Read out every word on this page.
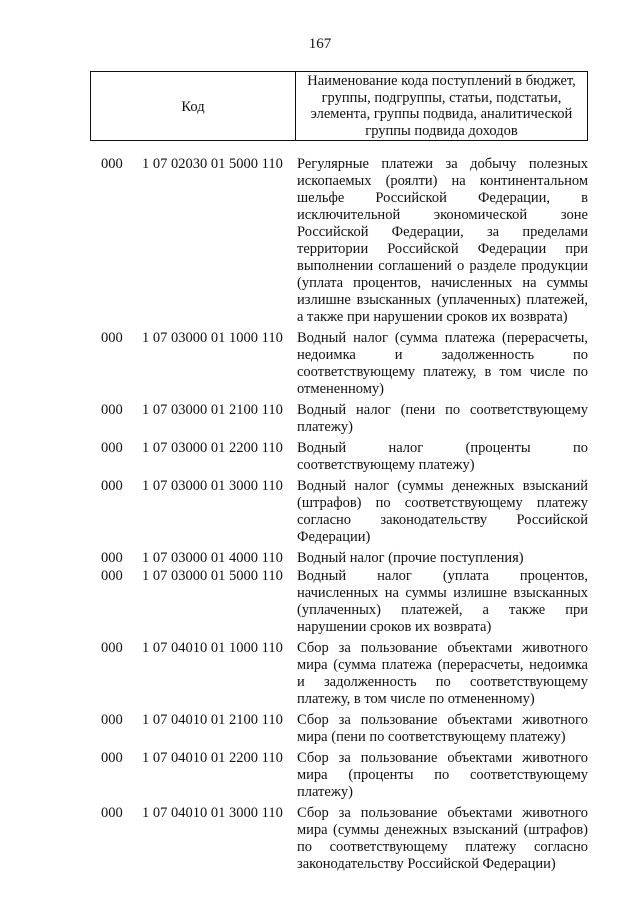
167
Код
Наименование кода поступлений в бюджет,
группы, подгруппы, статьи, подстатьи,
элемента, группы подвида, аналитической
группы подвида доходов
000 1 07 02030 01 5000 110 Регулярные платежи за добычу полезных ископаемых (роялти) на континентальном шельфе Российской Федерации, в исключительной экономической зоне Российской Федерации, за пределами территории Российской Федерации при выполнении соглашений о разделе продукции (уплата процентов, начисленных на суммы излишне взысканных (уплаченных) платежей, а также при нарушении сроков их возврата)
000 1 07 03000 01 1000 110 Водный налог (сумма платежа (перерасчеты, недоимка и задолженность по соответствующему платежу, в том числе по отмененному)
000 1 07 03000 01 2100 110 Водный налог (пени по соответствующему платежу)
000 1 07 03000 01 2200 110 Водный налог (проценты по соответствующему платежу)
000 1 07 03000 01 3000 110 Водный налог (суммы денежных взысканий (штрафов) по соответствующему платежу согласно законодательству Российской Федерации)
000 1 07 03000 01 4000 110 Водный налог (прочие поступления)
000 1 07 03000 01 5000 110 Водный налог (уплата процентов, начисленных на суммы излишне взысканных (уплаченных) платежей, а также при нарушении сроков их возврата)
000 1 07 04010 01 1000 110 Сбор за пользование объектами животного мира (сумма платежа (перерасчеты, недоимка и задолженность по соответствующему платежу, в том числе по отмененному)
000 1 07 04010 01 2100 110 Сбор за пользование объектами животного мира (пени по соответствующему платежу)
000 1 07 04010 01 2200 110 Сбор за пользование объектами животного мира (проценты по соответствующему платежу)
000 1 07 04010 01 3000 110 Сбор за пользование объектами животного мира (суммы денежных взысканий (штрафов) по соответствующему платежу согласно законодательству Российской Федерации)
